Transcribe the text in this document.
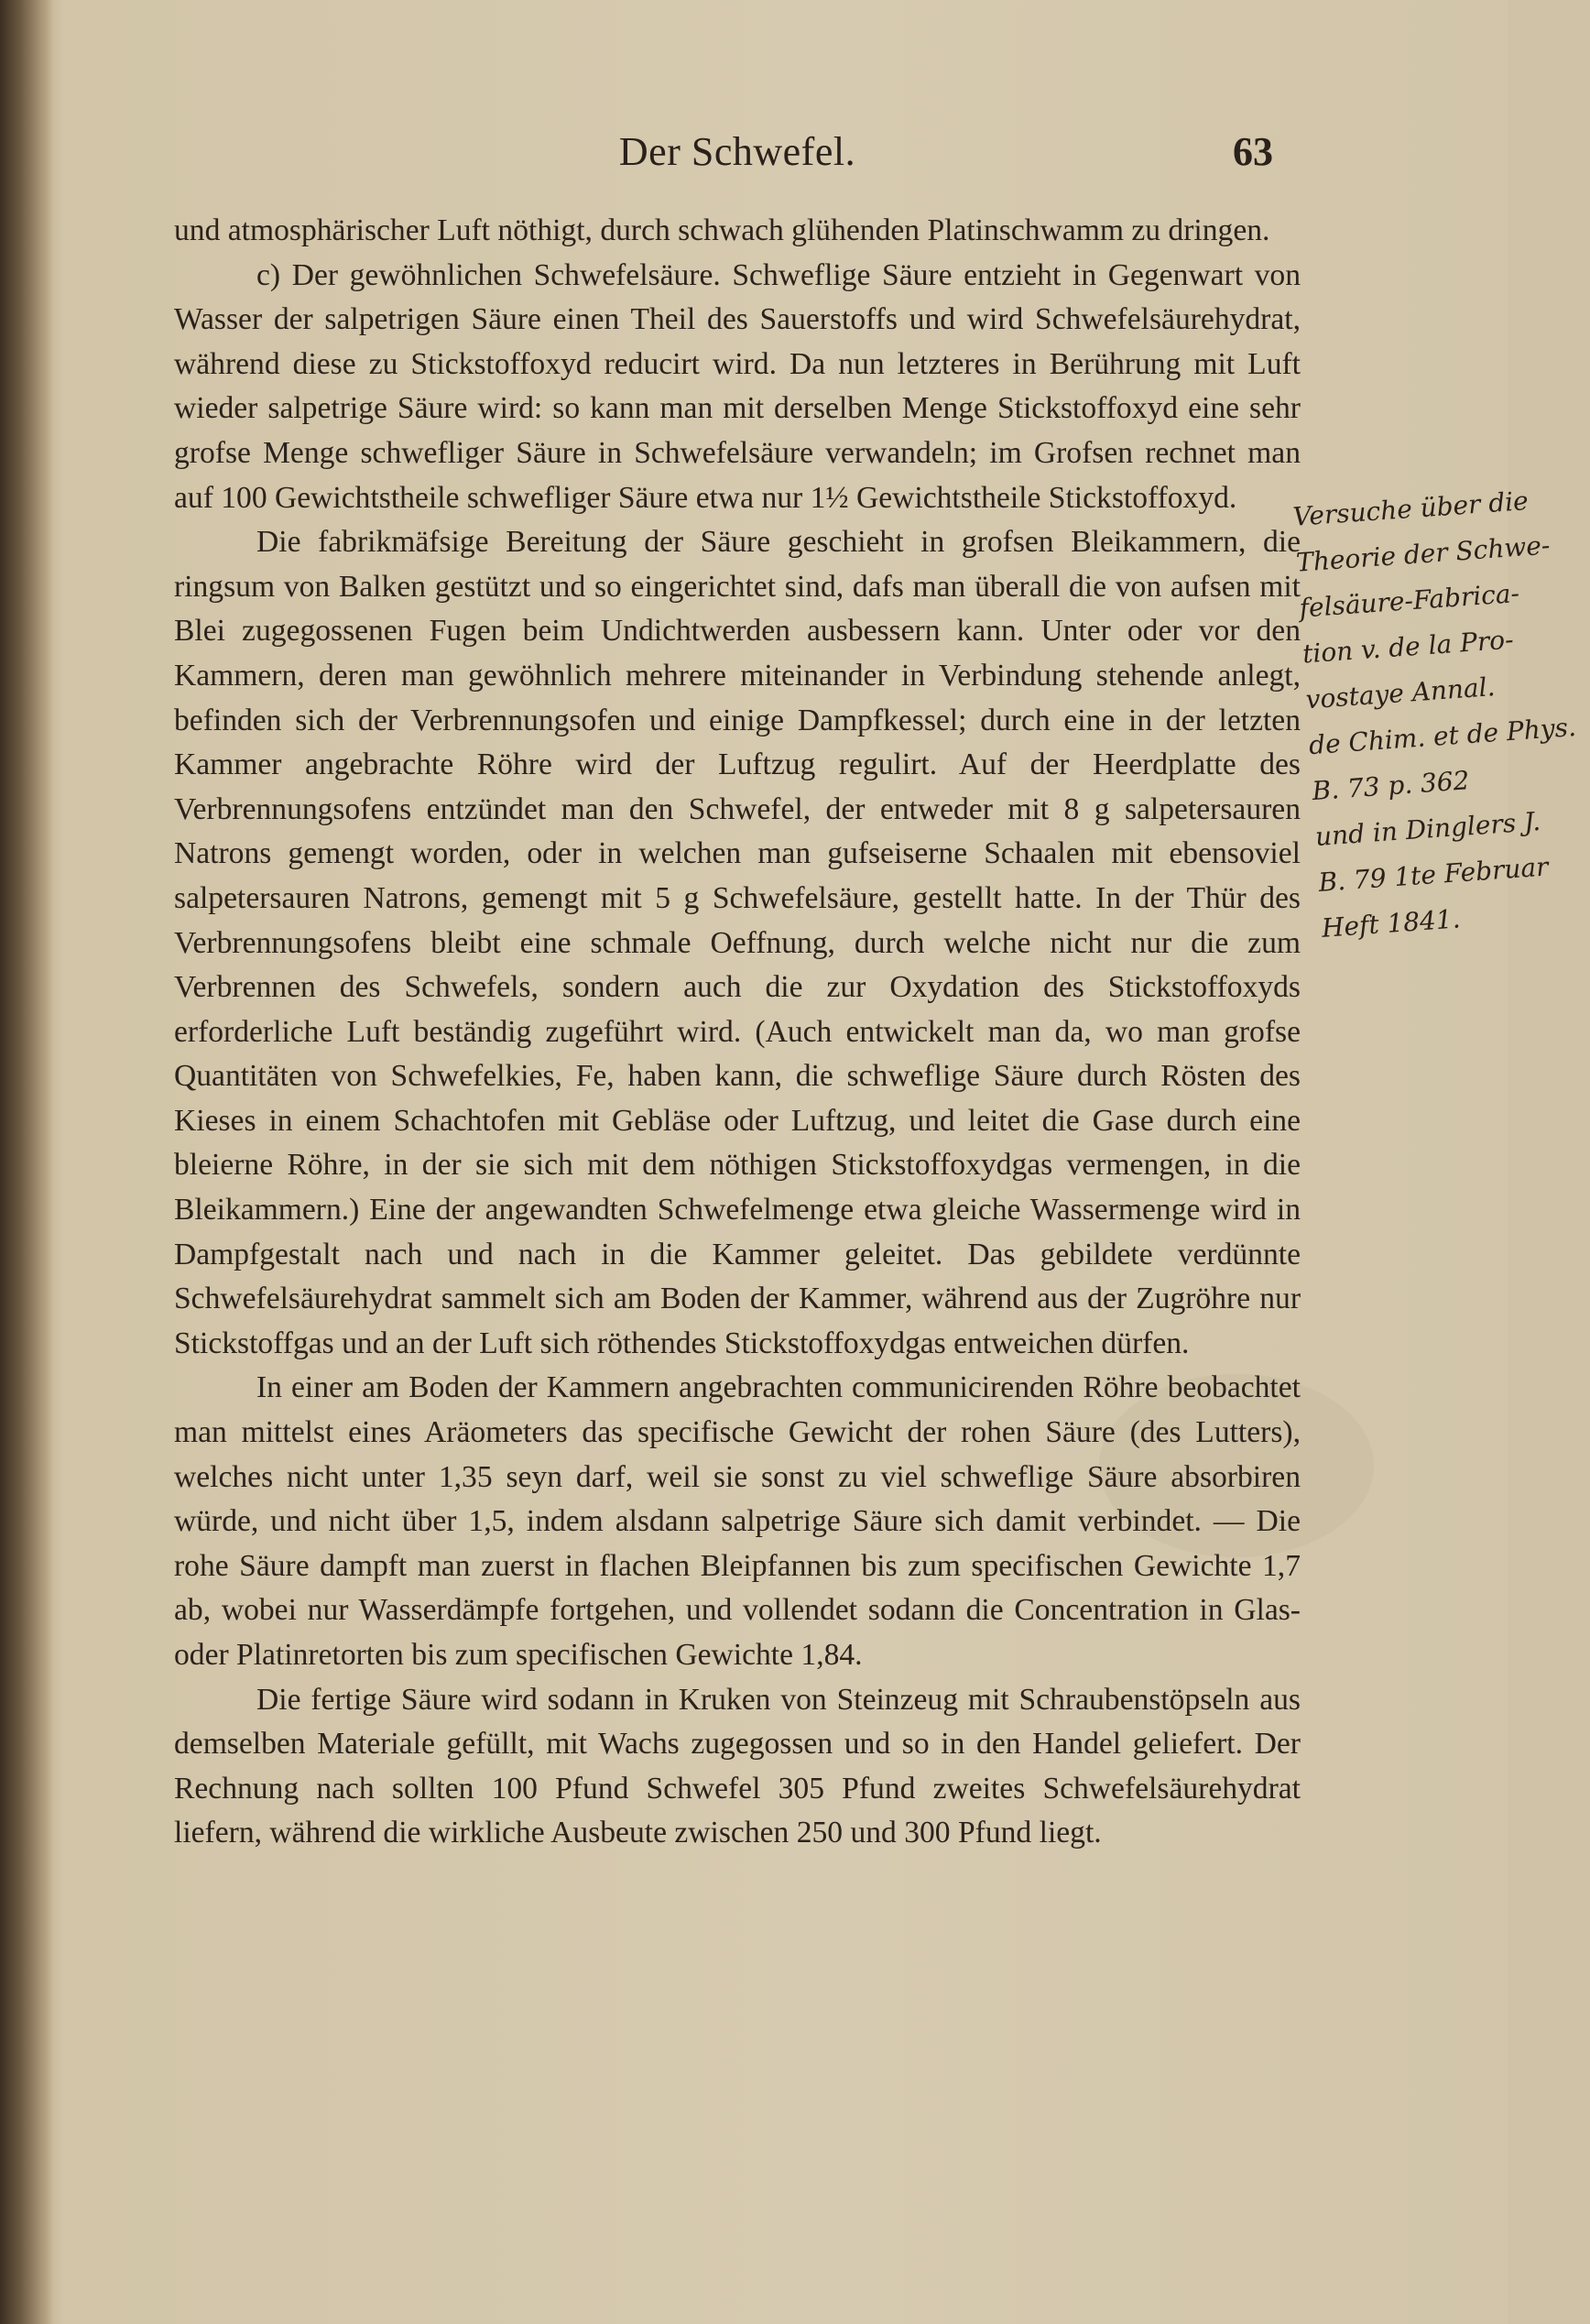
Der Schwefel.	63

und atmosphärischer Luft nöthigt, durch schwach glühenden Platinschwamm zu dringen.

c) Der gewöhnlichen Schwefelsäure. Schweflige Säure entzieht in Gegenwart von Wasser der salpetrigen Säure einen Theil des Sauerstoffs und wird Schwefelsäurehydrat, während diese zu Stickstoffoxyd reducirt wird. Da nun letzteres in Berührung mit Luft wieder salpetrige Säure wird: so kann man mit derselben Menge Stickstoffoxyd eine sehr grofse Menge schwefliger Säure in Schwefelsäure verwandeln; im Grofsen rechnet man auf 100 Gewichtstheile schwefliger Säure etwa nur 1½ Gewichtstheile Stickstoffoxyd.

Die fabrikmäfsige Bereitung der Säure geschieht in grofsen Bleikammern, die ringsum von Balken gestützt und so eingerichtet sind, dafs man überall die von aufsen mit Blei zugegossenen Fugen beim Undichtwerden ausbessern kann. Unter oder vor den Kammern, deren man gewöhnlich mehrere miteinander in Verbindung stehende anlegt, befinden sich der Verbrennungsofen und einige Dampfkessel; durch eine in der letzten Kammer angebrachte Röhre wird der Luftzug regulirt. Auf der Heerdplatte des Verbrennungsofens entzündet man den Schwefel, der entweder mit 8 g salpetersauren Natrons gemengt worden, oder in welchen man gufseiserne Schaalen mit ebensoviel salpetersauren Natrons, gemengt mit 5 g Schwefelsäure, gestellt hatte. In der Thür des Verbrennungsofens bleibt eine schmale Oeffnung, durch welche nicht nur die zum Verbrennen des Schwefels, sondern auch die zur Oxydation des Stickstoffoxyds erforderliche Luft beständig zugeführt wird. (Auch entwickelt man da, wo man grofse Quantitäten von Schwefelkies, Fe, haben kann, die schweflige Säure durch Rösten des Kieses in einem Schachtofen mit Gebläse oder Luftzug, und leitet die Gase durch eine bleierne Röhre, in der sie sich mit dem nöthigen Stickstoffoxydgas vermengen, in die Bleikammern.) Eine der angewandten Schwefelmenge etwa gleiche Wassermenge wird in Dampfgestalt nach und nach in die Kammer geleitet. Das gebildete verdünnte Schwefelsäurehydrat sammelt sich am Boden der Kammer, während aus der Zugröhre nur Stickstoffgas und an der Luft sich röthendes Stickstoffoxydgas entweichen dürfen.

In einer am Boden der Kammern angebrachten communicirenden Röhre beobachtet man mittelst eines Aräometers das specifische Gewicht der rohen Säure (des Lutters), welches nicht unter 1,35 seyn darf, weil sie sonst zu viel schweflige Säure absorbiren würde, und nicht über 1,5, indem alsdann salpetrige Säure sich damit verbindet. — Die rohe Säure dampft man zuerst in flachen Bleipfannen bis zum specifischen Gewichte 1,7 ab, wobei nur Wasserdämpfe fortgehen, und vollendet sodann die Concentration in Glas- oder Platinretorten bis zum specifischen Gewichte 1,84.

Die fertige Säure wird sodann in Kruken von Steinzeug mit Schraubenstöpseln aus demselben Materiale gefüllt, mit Wachs zugegossen und so in den Handel geliefert. Der Rechnung nach sollten 100 Pfund Schwefel 305 Pfund zweites Schwefelsäurehydrat liefern, während die wirkliche Ausbeute zwischen 250 und 300 Pfund liegt.

Versuche über die
Theorie der Schwe-
felsäure-Fabrica-
tion v. de la Pro-
vostaye Annal.
de Chim. et de Phys.
B. 73 p. 362
und in Dinglers J.
B. 79 1te Februar
Heft 1841.
